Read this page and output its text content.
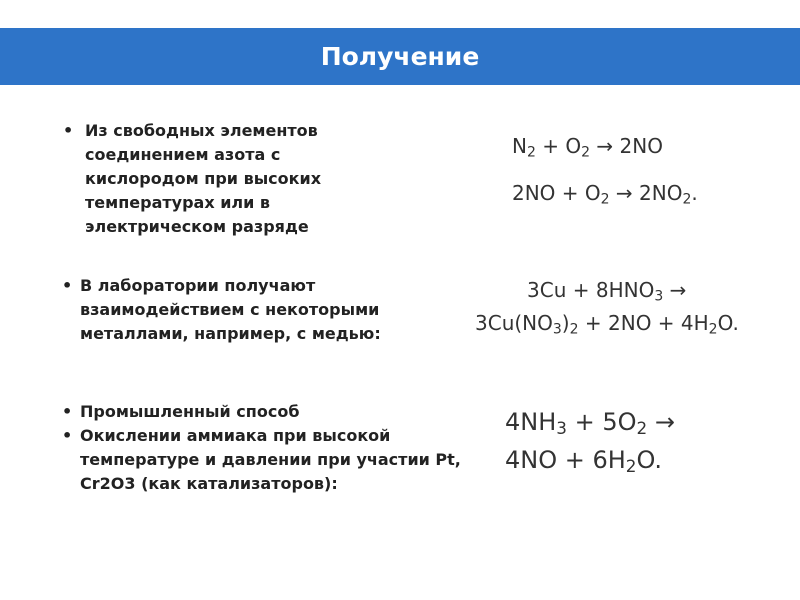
Получение
• Из свободных элементов соединением азота с кислородом при высоких температурах или в электрическом разряде
• В лаборатории получают взаимодействием с некоторыми металлами, например, с медью:
• Промышленный способ
• Окислении аммиака при высокой температуре и давлении при участии Pt, Cr2O3 (как катализаторов):
$N_2 + O_2 \to 2NO$
$2NO + O_2 \to 2NO_2$.
$3Cu + 8HNO_3$ →
$3Cu(NO_3)_2 + 2NO + 4H_2O$.
$4NH_3 + 5O_2$ →
$4NO + 6H_2O$.
